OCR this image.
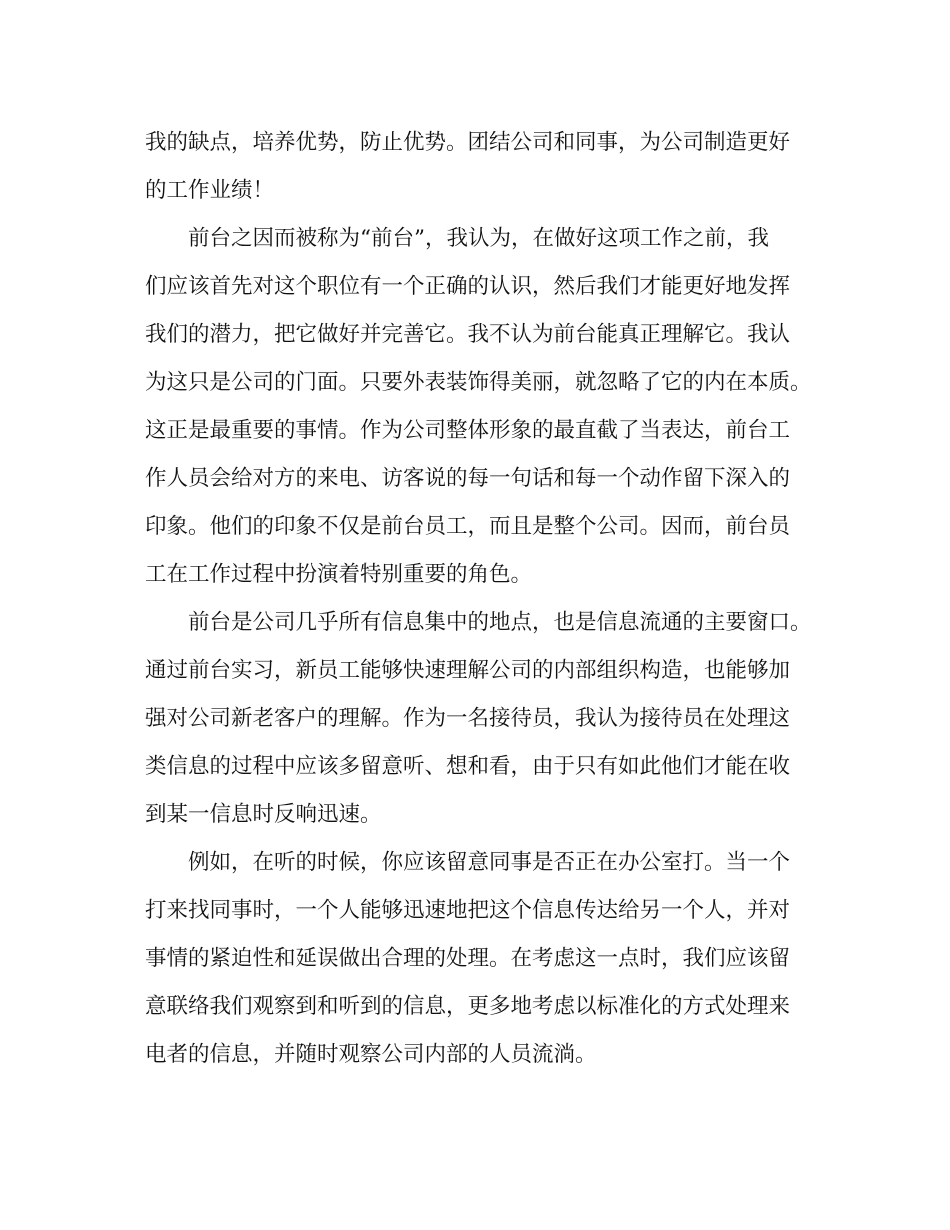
我的缺点，培养优势，防止优势。团结公司和同事，为公司制造更好
的工作业绩！
前台之因而被称为“前台”，我认为，在做好这项工作之前，我
们应该首先对这个职位有一个正确的认识，然后我们才能更好地发挥
我们的潜力，把它做好并完善它。我不认为前台能真正理解它。我认
为这只是公司的门面。只要外表装饰得美丽，就忽略了它的内在本质。
这正是最重要的事情。作为公司整体形象的最直截了当表达，前台工
作人员会给对方的来电、访客说的每一句话和每一个动作留下深入的
印象。他们的印象不仅是前台员工，而且是整个公司。因而，前台员
工在工作过程中扮演着特别重要的角色。
前台是公司几乎所有信息集中的地点，也是信息流通的主要窗口。
通过前台实习，新员工能够快速理解公司的内部组织构造，也能够加
强对公司新老客户的理解。作为一名接待员，我认为接待员在处理这
类信息的过程中应该多留意听、想和看，由于只有如此他们才能在收
到某一信息时反响迅速。
例如，在听的时候，你应该留意同事是否正在办公室打。当一个
打来找同事时，一个人能够迅速地把这个信息传达给另一个人，并对
事情的紧迫性和延误做出合理的处理。在考虑这一点时，我们应该留
意联络我们观察到和听到的信息，更多地考虑以标准化的方式处理来
电者的信息，并随时观察公司内部的人员流淌。
